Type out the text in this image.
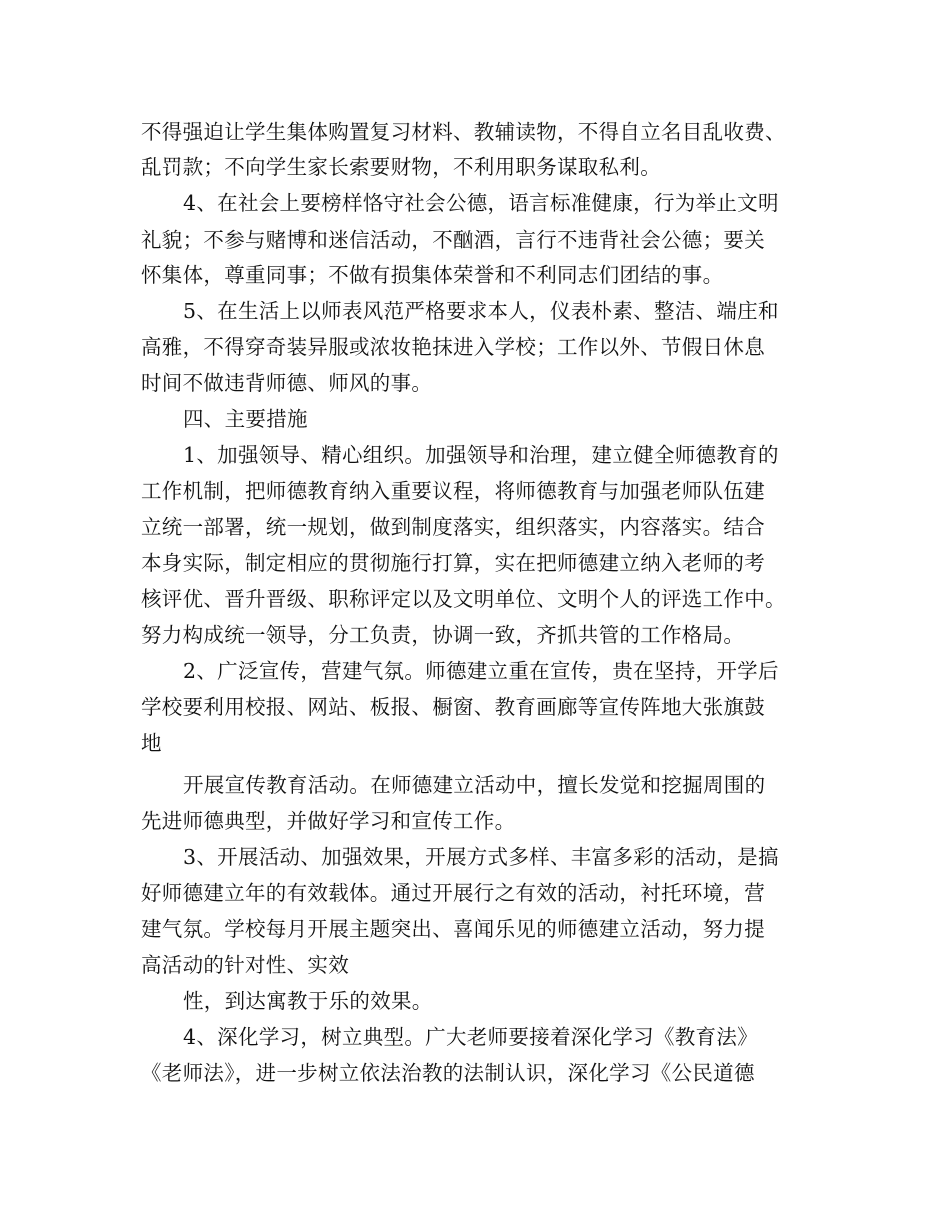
不得强迫让学生集体购置复习材料、教辅读物，不得自立名目乱收费、
乱罚款；不向学生家长索要财物，不利用职务谋取私利。
4、在社会上要榜样恪守社会公德，语言标准健康，行为举止文明
礼貌；不参与赌博和迷信活动，不酗酒，言行不违背社会公德；要关
怀集体，尊重同事；不做有损集体荣誉和不利同志们团结的事。
5、在生活上以师表风范严格要求本人，仪表朴素、整洁、端庄和
高雅，不得穿奇装异服或浓妆艳抹进入学校；工作以外、节假日休息
时间不做违背师德、师风的事。
四、主要措施
1、加强领导、精心组织。加强领导和治理，建立健全师德教育的
工作机制，把师德教育纳入重要议程，将师德教育与加强老师队伍建
立统一部署，统一规划，做到制度落实，组织落实，内容落实。结合
本身实际，制定相应的贯彻施行打算，实在把师德建立纳入老师的考
核评优、晋升晋级、职称评定以及文明单位、文明个人的评选工作中。
努力构成统一领导，分工负责，协调一致，齐抓共管的工作格局。
2、广泛宣传，营建气氛。师德建立重在宣传，贵在坚持，开学后
学校要利用校报、网站、板报、橱窗、教育画廊等宣传阵地大张旗鼓
地
开展宣传教育活动。在师德建立活动中，擅长发觉和挖掘周围的
先进师德典型，并做好学习和宣传工作。
3、开展活动、加强效果，开展方式多样、丰富多彩的活动，是搞
好师德建立年的有效载体。通过开展行之有效的活动，衬托环境，营
建气氛。学校每月开展主题突出、喜闻乐见的师德建立活动，努力提
高活动的针对性、实效
性，到达寓教于乐的效果。
4、深化学习，树立典型。广大老师要接着深化学习《教育法》
《老师法》，进一步树立依法治教的法制认识，深化学习《公民道德
